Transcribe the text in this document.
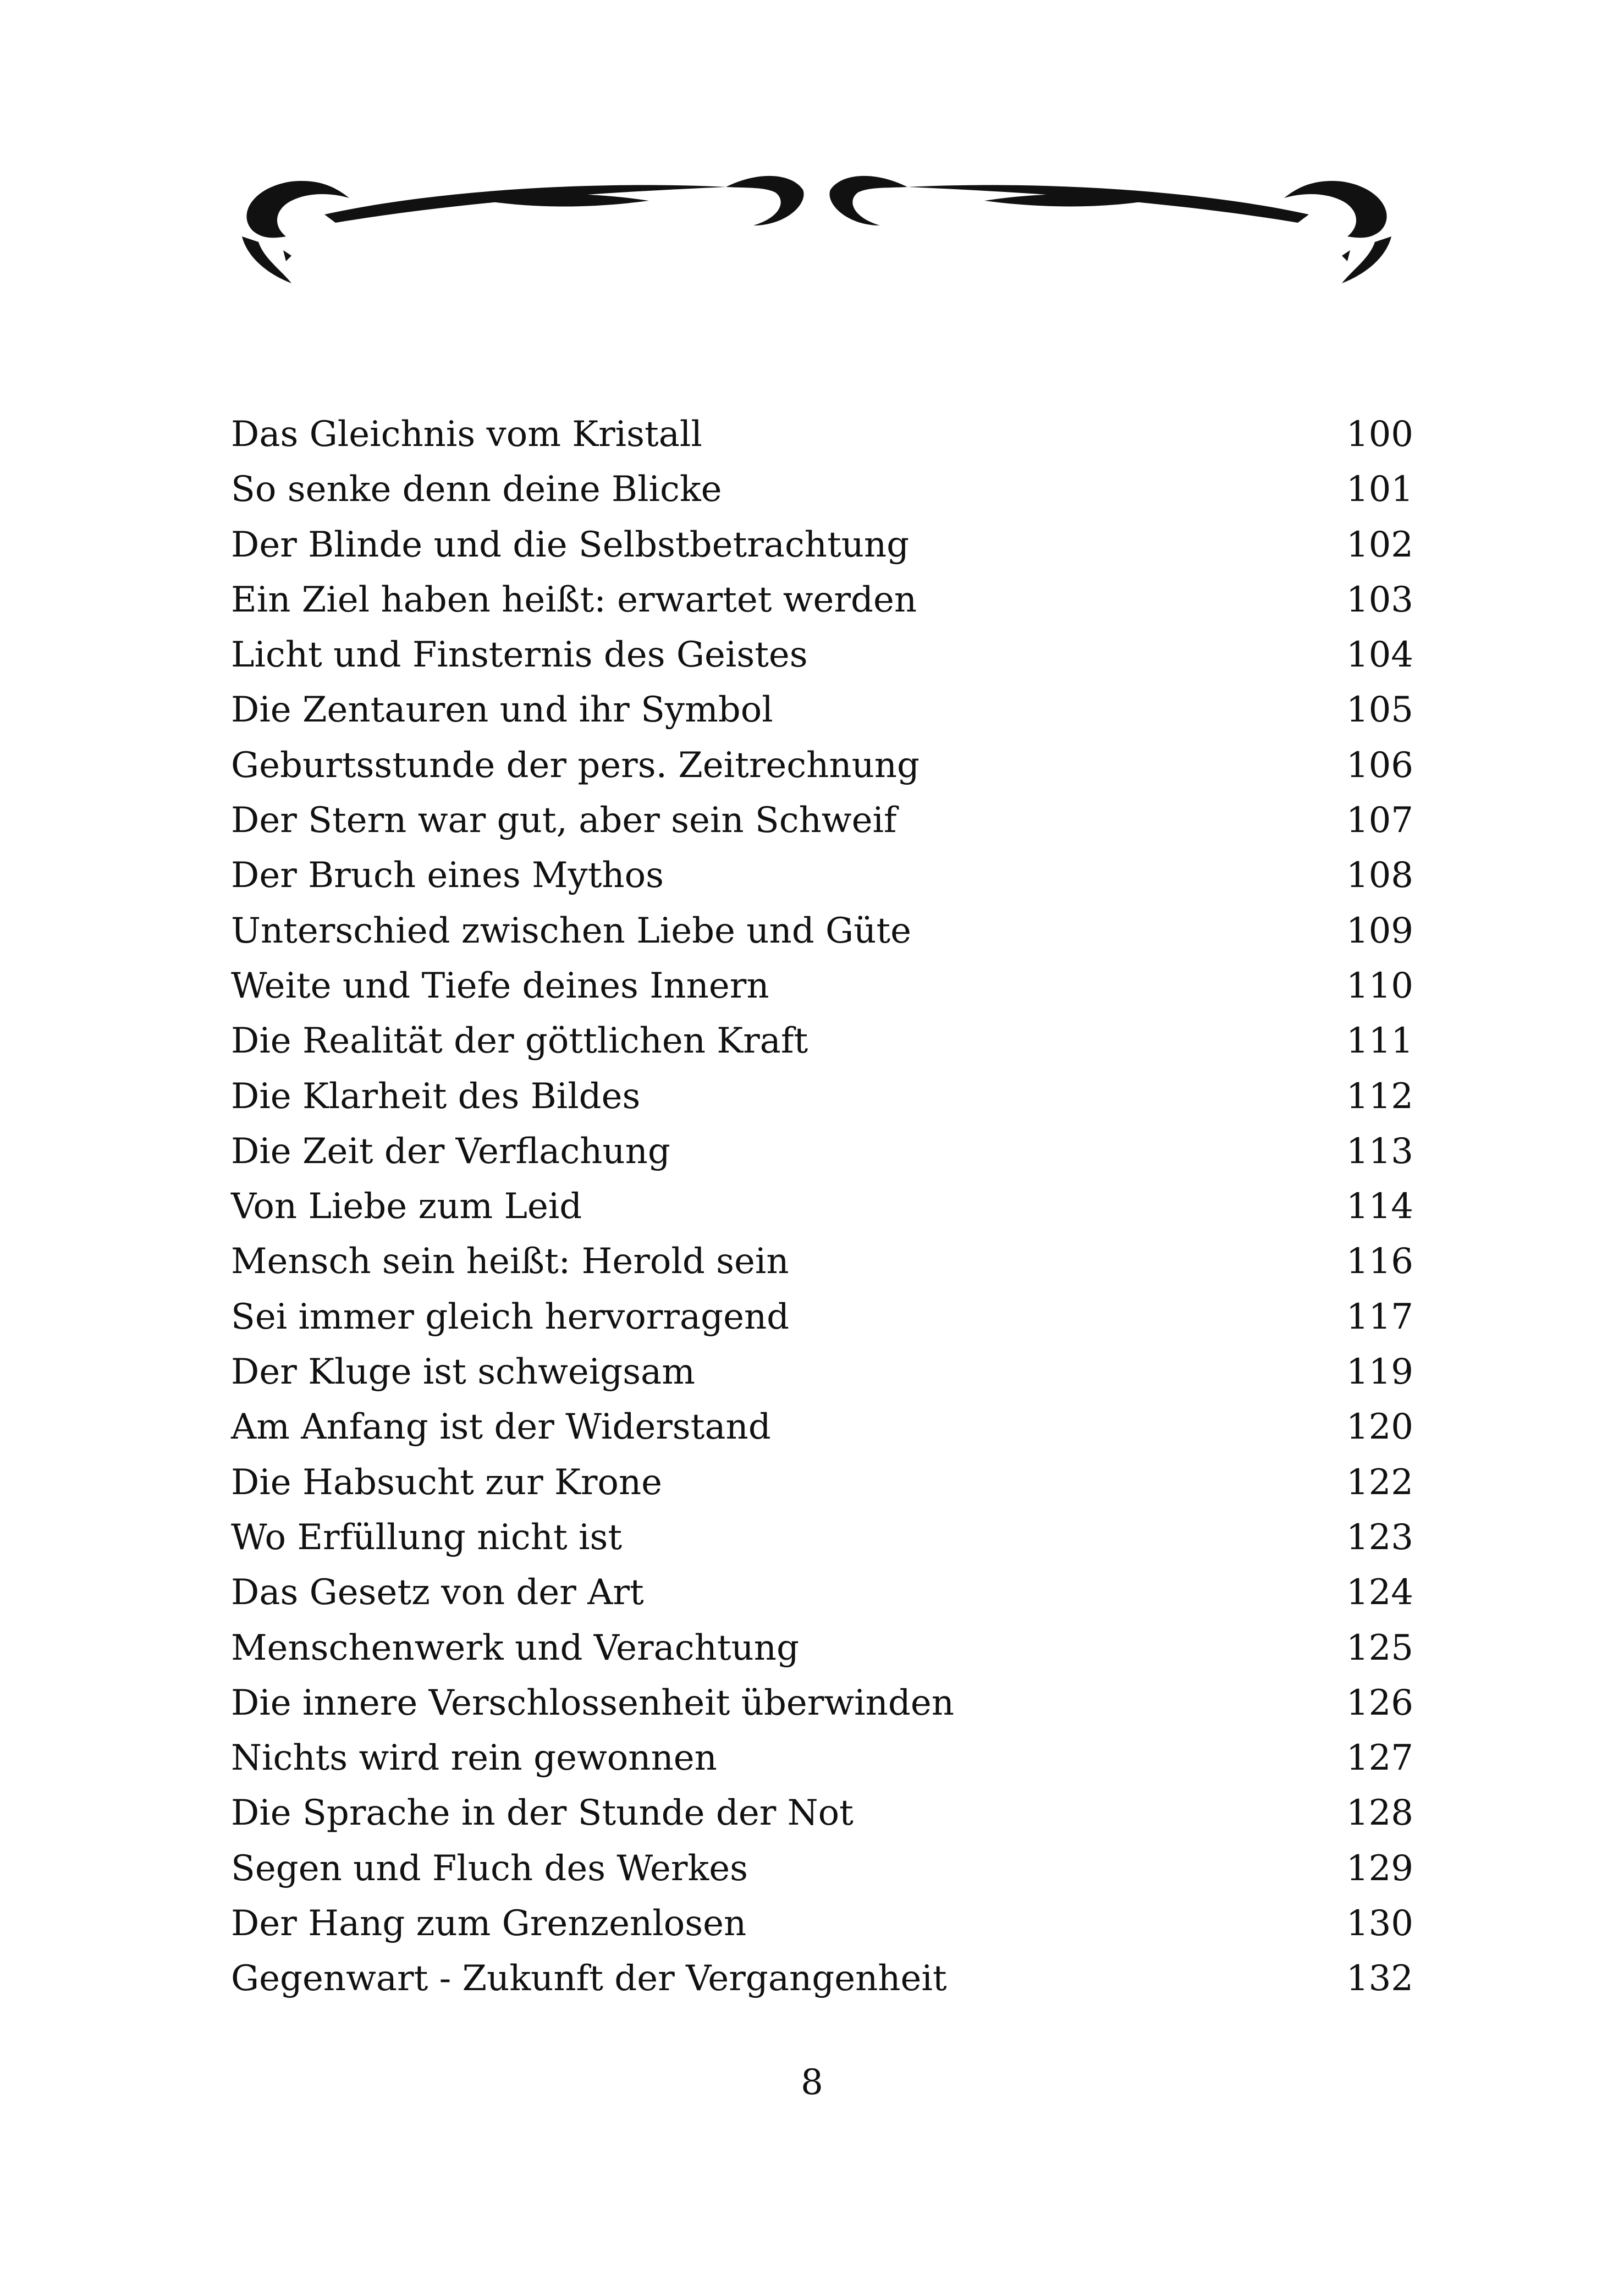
Das Gleichnis vom Kristall	100
So senke denn deine Blicke	101
Der Blinde und die Selbstbetrachtung	102
Ein Ziel haben heißt: erwartet werden	103
Licht und Finsternis des Geistes	104
Die Zentauren und ihr Symbol	105
Geburtsstunde der pers. Zeitrechnung	106
Der Stern war gut, aber sein Schweif	107
Der Bruch eines Mythos	108
Unterschied zwischen Liebe und Güte	109
Weite und Tiefe deines Innern	110
Die Realität der göttlichen Kraft	111
Die Klarheit des Bildes	112
Die Zeit der Verflachung	113
Von Liebe zum Leid	114
Mensch sein heißt: Herold sein	116
Sei immer gleich hervorragend	117
Der Kluge ist schweigsam	119
Am Anfang ist der Widerstand	120
Die Habsucht zur Krone	122
Wo Erfüllung nicht ist	123
Das Gesetz von der Art	124
Menschenwerk und Verachtung	125
Die innere Verschlossenheit überwinden	126
Nichts wird rein gewonnen	127
Die Sprache in der Stunde der Not	128
Segen und Fluch des Werkes	129
Der Hang zum Grenzenlosen	130
Gegenwart - Zukunft der Vergangenheit	132
8
